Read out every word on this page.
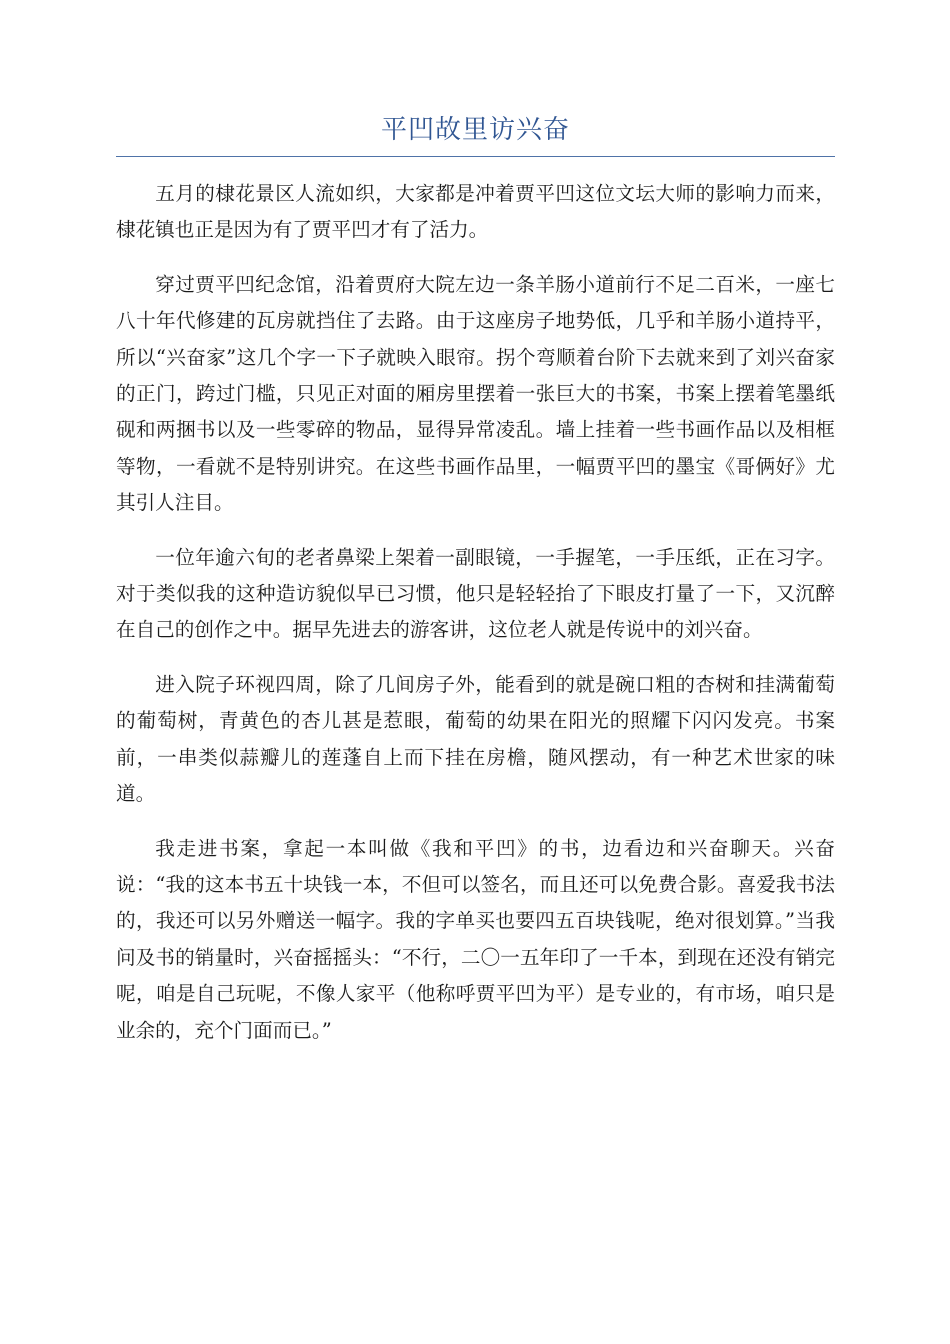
平凹故里访兴奋

五月的棣花景区人流如织，大家都是冲着贾平凹这位文坛大师的影响力而来，棣花镇也正是因为有了贾平凹才有了活力。

穿过贾平凹纪念馆，沿着贾府大院左边一条羊肠小道前行不足二百米，一座七八十年代修建的瓦房就挡住了去路。由于这座房子地势低，几乎和羊肠小道持平，所以“兴奋家”这几个字一下子就映入眼帘。拐个弯顺着台阶下去就来到了刘兴奋家的正门，跨过门槛，只见正对面的厢房里摆着一张巨大的书案，书案上摆着笔墨纸砚和两捆书以及一些零碎的物品，显得异常凌乱。墙上挂着一些书画作品以及相框等物，一看就不是特别讲究。在这些书画作品里，一幅贾平凹的墨宝《哥俩好》尤其引人注目。

一位年逾六旬的老者鼻梁上架着一副眼镜，一手握笔，一手压纸，正在习字。对于类似我的这种造访貌似早已习惯，他只是轻轻抬了下眼皮打量了一下，又沉醉在自己的创作之中。据早先进去的游客讲，这位老人就是传说中的刘兴奋。

进入院子环视四周，除了几间房子外，能看到的就是碗口粗的杏树和挂满葡萄的葡萄树，青黄色的杏儿甚是惹眼，葡萄的幼果在阳光的照耀下闪闪发亮。书案前，一串类似蒜瓣儿的莲蓬自上而下挂在房檐，随风摆动，有一种艺术世家的味道。

我走进书案，拿起一本叫做《我和平凹》的书，边看边和兴奋聊天。兴奋说：“我的这本书五十块钱一本，不但可以签名，而且还可以免费合影。喜爱我书法的，我还可以另外赠送一幅字。我的字单买也要四五百块钱呢，绝对很划算。”当我问及书的销量时，兴奋摇摇头：“不行，二〇一五年印了一千本，到现在还没有销完呢，咱是自己玩呢，不像人家平（他称呼贾平凹为平）是专业的，有市场，咱只是业余的，充个门面而已。”
